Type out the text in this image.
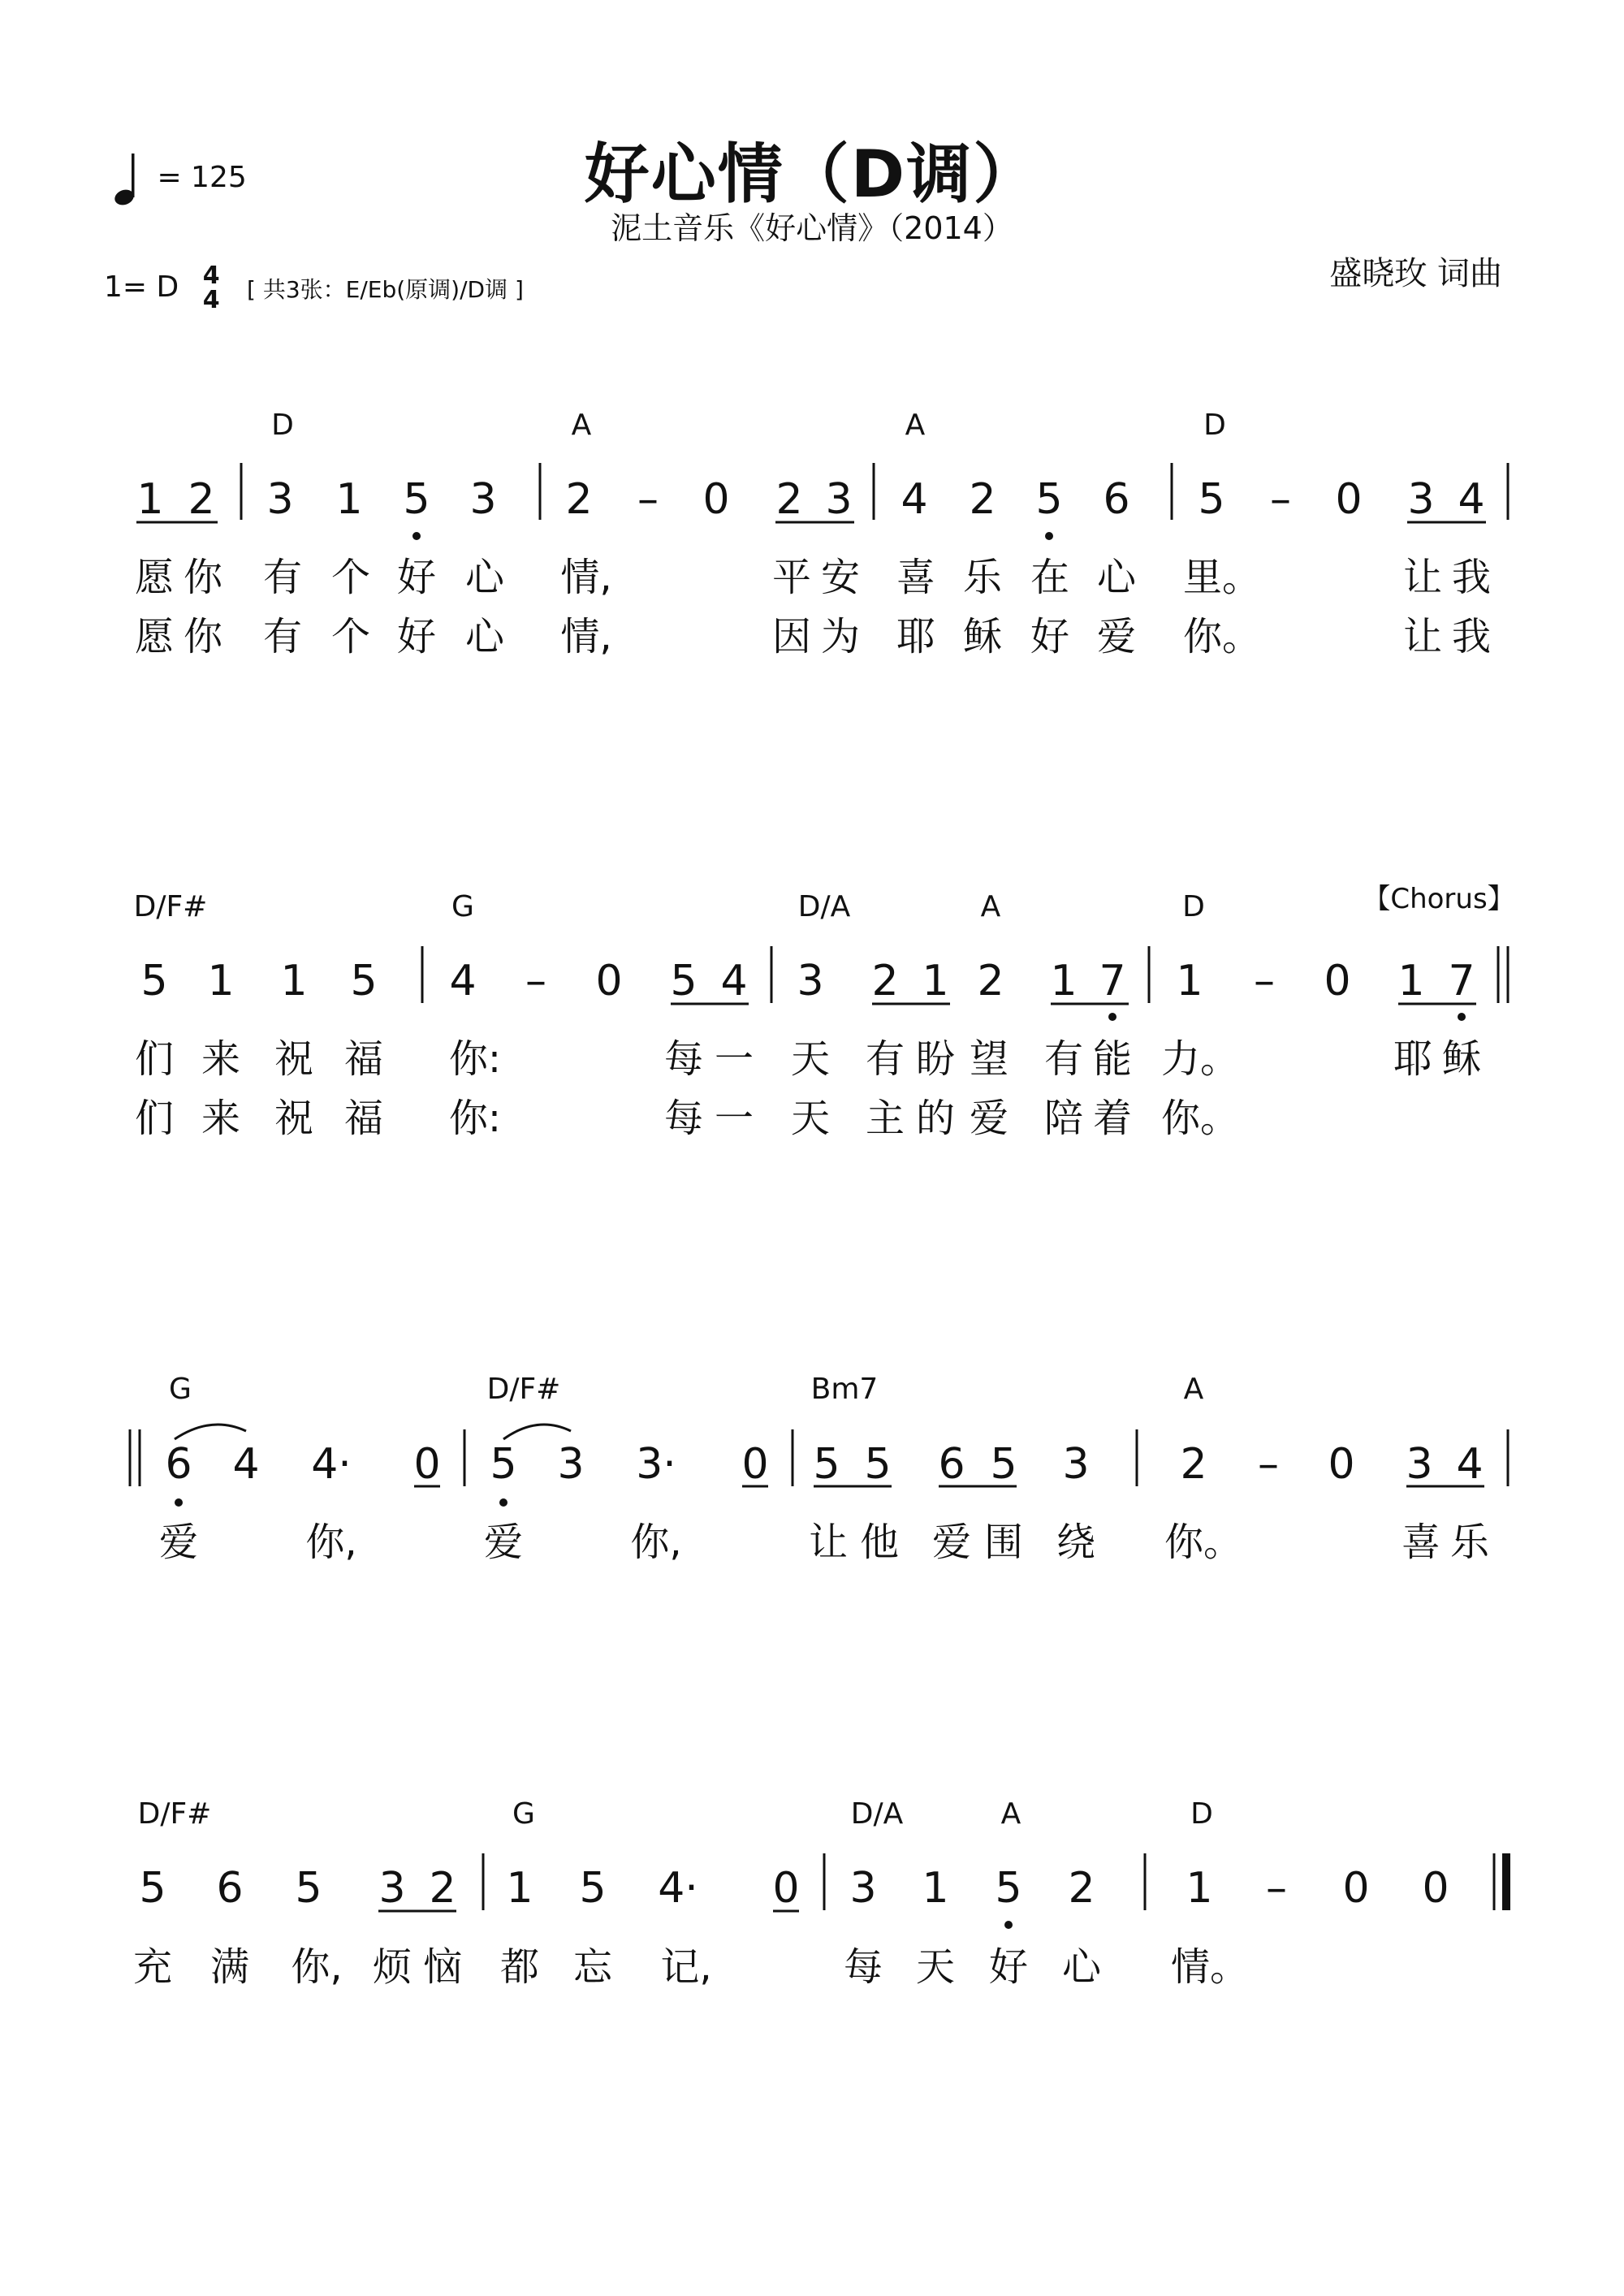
好心情（D调）
泥土音乐《好心情》（2014）
= 125
1= D 4
4 [ 共3张：E/Eb(原调)/D调 ]	盛晓玫 词曲
D	A	A	D
1 2 3 1 5 3 2 – 0 2 3 4 2 5 6 5 – 0 3 4
愿 你 有 个 好 心 情,	平 安 喜 乐 在 心 里。	让 我
愿 你 有 个 好 心 情,	因 为 耶 稣 好 爱 你。	让 我
D/F#	G	D/A	A	D	【Chorus】
5 1 1 5 4 – 0 5 4 3 2 1 2 1 7 1 – 0 1 7
们 来 祝 福 你:	每 一 天 有 盼 望 有 能 力。	耶 稣
们 来 祝 福 你:	每 一 天 主 的 爱 陪 着 你。
G	D/F#	Bm7	A
6 4 4· 0 5 3 3· 0 5 5 6 5 3 2 – 0 3 4
爱	你,	爱	你,	让 他 爱 围 绕 你。	喜 乐
D/F#	G	D/A	A	D
5 6 5 3 2 1 5 4· 0 3 1 5 2 1 – 0 0
充 满 你, 烦 恼 都 忘 记,	每 天 好 心 情。
